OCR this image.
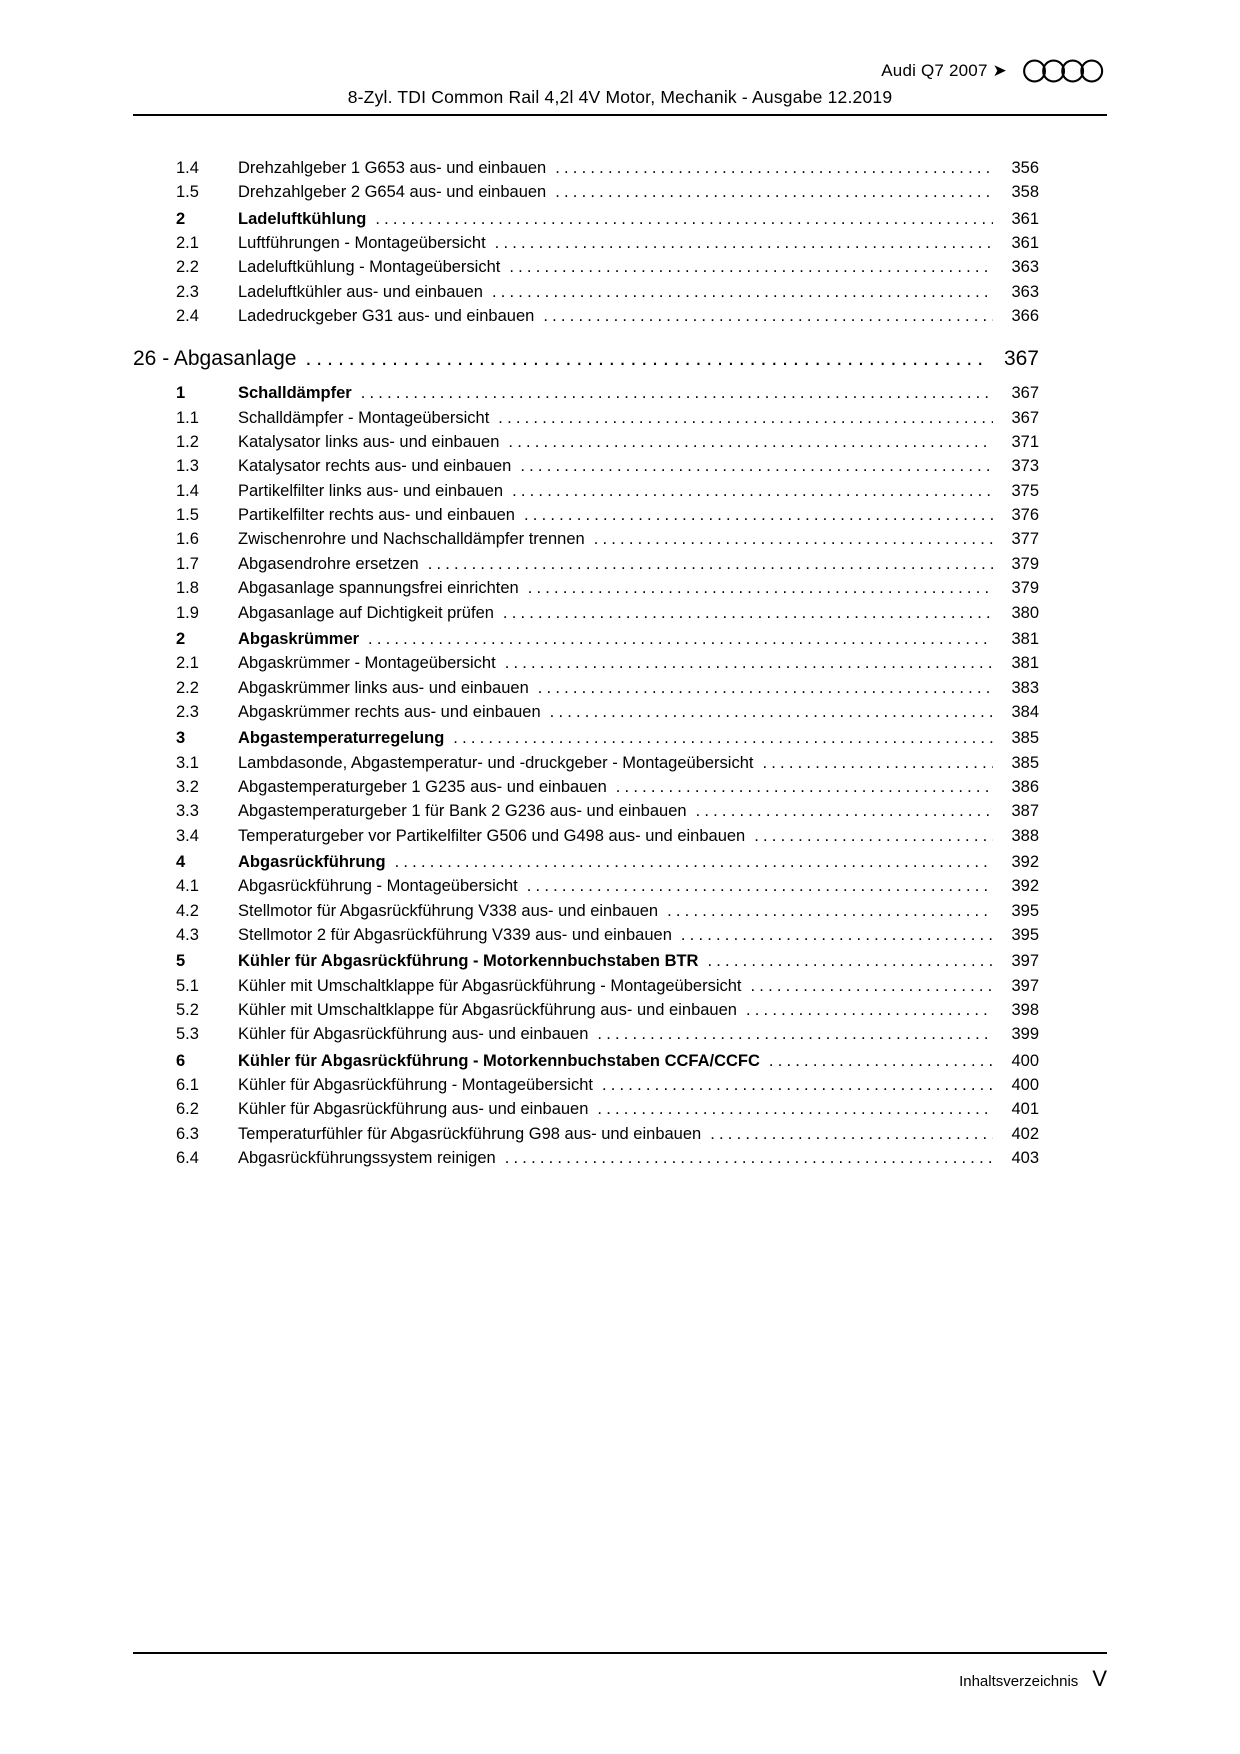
Audi Q7 2007 ➤
8-Zyl. TDI Common Rail 4,2l 4V Motor, Mechanik - Ausgabe 12.2019
1.4	Drehzahlgeber 1 G653 aus- und einbauen .....	356
1.5	Drehzahlgeber 2 G654 aus- und einbauen .....	358
2	Ladeluftkühlung .....	361
2.1	Luftführungen - Montageübersicht .....	361
2.2	Ladeluftkühlung - Montageübersicht .....	363
2.3	Ladeluftkühler aus- und einbauen .....	363
2.4	Ladedruckgeber G31 aus- und einbauen .....	366
26 - Abgasanlage .....	367
1	Schalldämpfer .....	367
1.1	Schalldämpfer - Montageübersicht .....	367
1.2	Katalysator links aus- und einbauen .....	371
1.3	Katalysator rechts aus- und einbauen .....	373
1.4	Partikelfilter links aus- und einbauen .....	375
1.5	Partikelfilter rechts aus- und einbauen .....	376
1.6	Zwischenrohre und Nachschalldämpfer trennen .....	377
1.7	Abgasendrohre ersetzen .....	379
1.8	Abgasanlage spannungsfrei einrichten .....	379
1.9	Abgasanlage auf Dichtigkeit prüfen .....	380
2	Abgaskrümmer .....	381
2.1	Abgaskrümmer - Montageübersicht .....	381
2.2	Abgaskrümmer links aus- und einbauen .....	383
2.3	Abgaskrümmer rechts aus- und einbauen .....	384
3	Abgastemperaturregelung .....	385
3.1	Lambdasonde, Abgastemperatur- und -druckgeber - Montageübersicht .....	385
3.2	Abgastemperaturgeber 1 G235 aus- und einbauen .....	386
3.3	Abgastemperaturgeber 1 für Bank 2 G236 aus- und einbauen .....	387
3.4	Temperaturgeber vor Partikelfilter G506 und G498 aus- und einbauen .....	388
4	Abgasrückführung .....	392
4.1	Abgasrückführung - Montageübersicht .....	392
4.2	Stellmotor für Abgasrückführung V338 aus- und einbauen .....	395
4.3	Stellmotor 2 für Abgasrückführung V339 aus- und einbauen .....	395
5	Kühler für Abgasrückführung - Motorkennbuchstaben BTR .....	397
5.1	Kühler mit Umschaltklappe für Abgasrückführung - Montageübersicht .....	397
5.2	Kühler mit Umschaltklappe für Abgasrückführung aus- und einbauen .....	398
5.3	Kühler für Abgasrückführung aus- und einbauen .....	399
6	Kühler für Abgasrückführung - Motorkennbuchstaben CCFA/CCFC .....	400
6.1	Kühler für Abgasrückführung - Montageübersicht .....	400
6.2	Kühler für Abgasrückführung aus- und einbauen .....	401
6.3	Temperaturfühler für Abgasrückführung G98 aus- und einbauen .....	402
6.4	Abgasrückführungssystem reinigen .....	403
Inhaltsverzeichnis V
